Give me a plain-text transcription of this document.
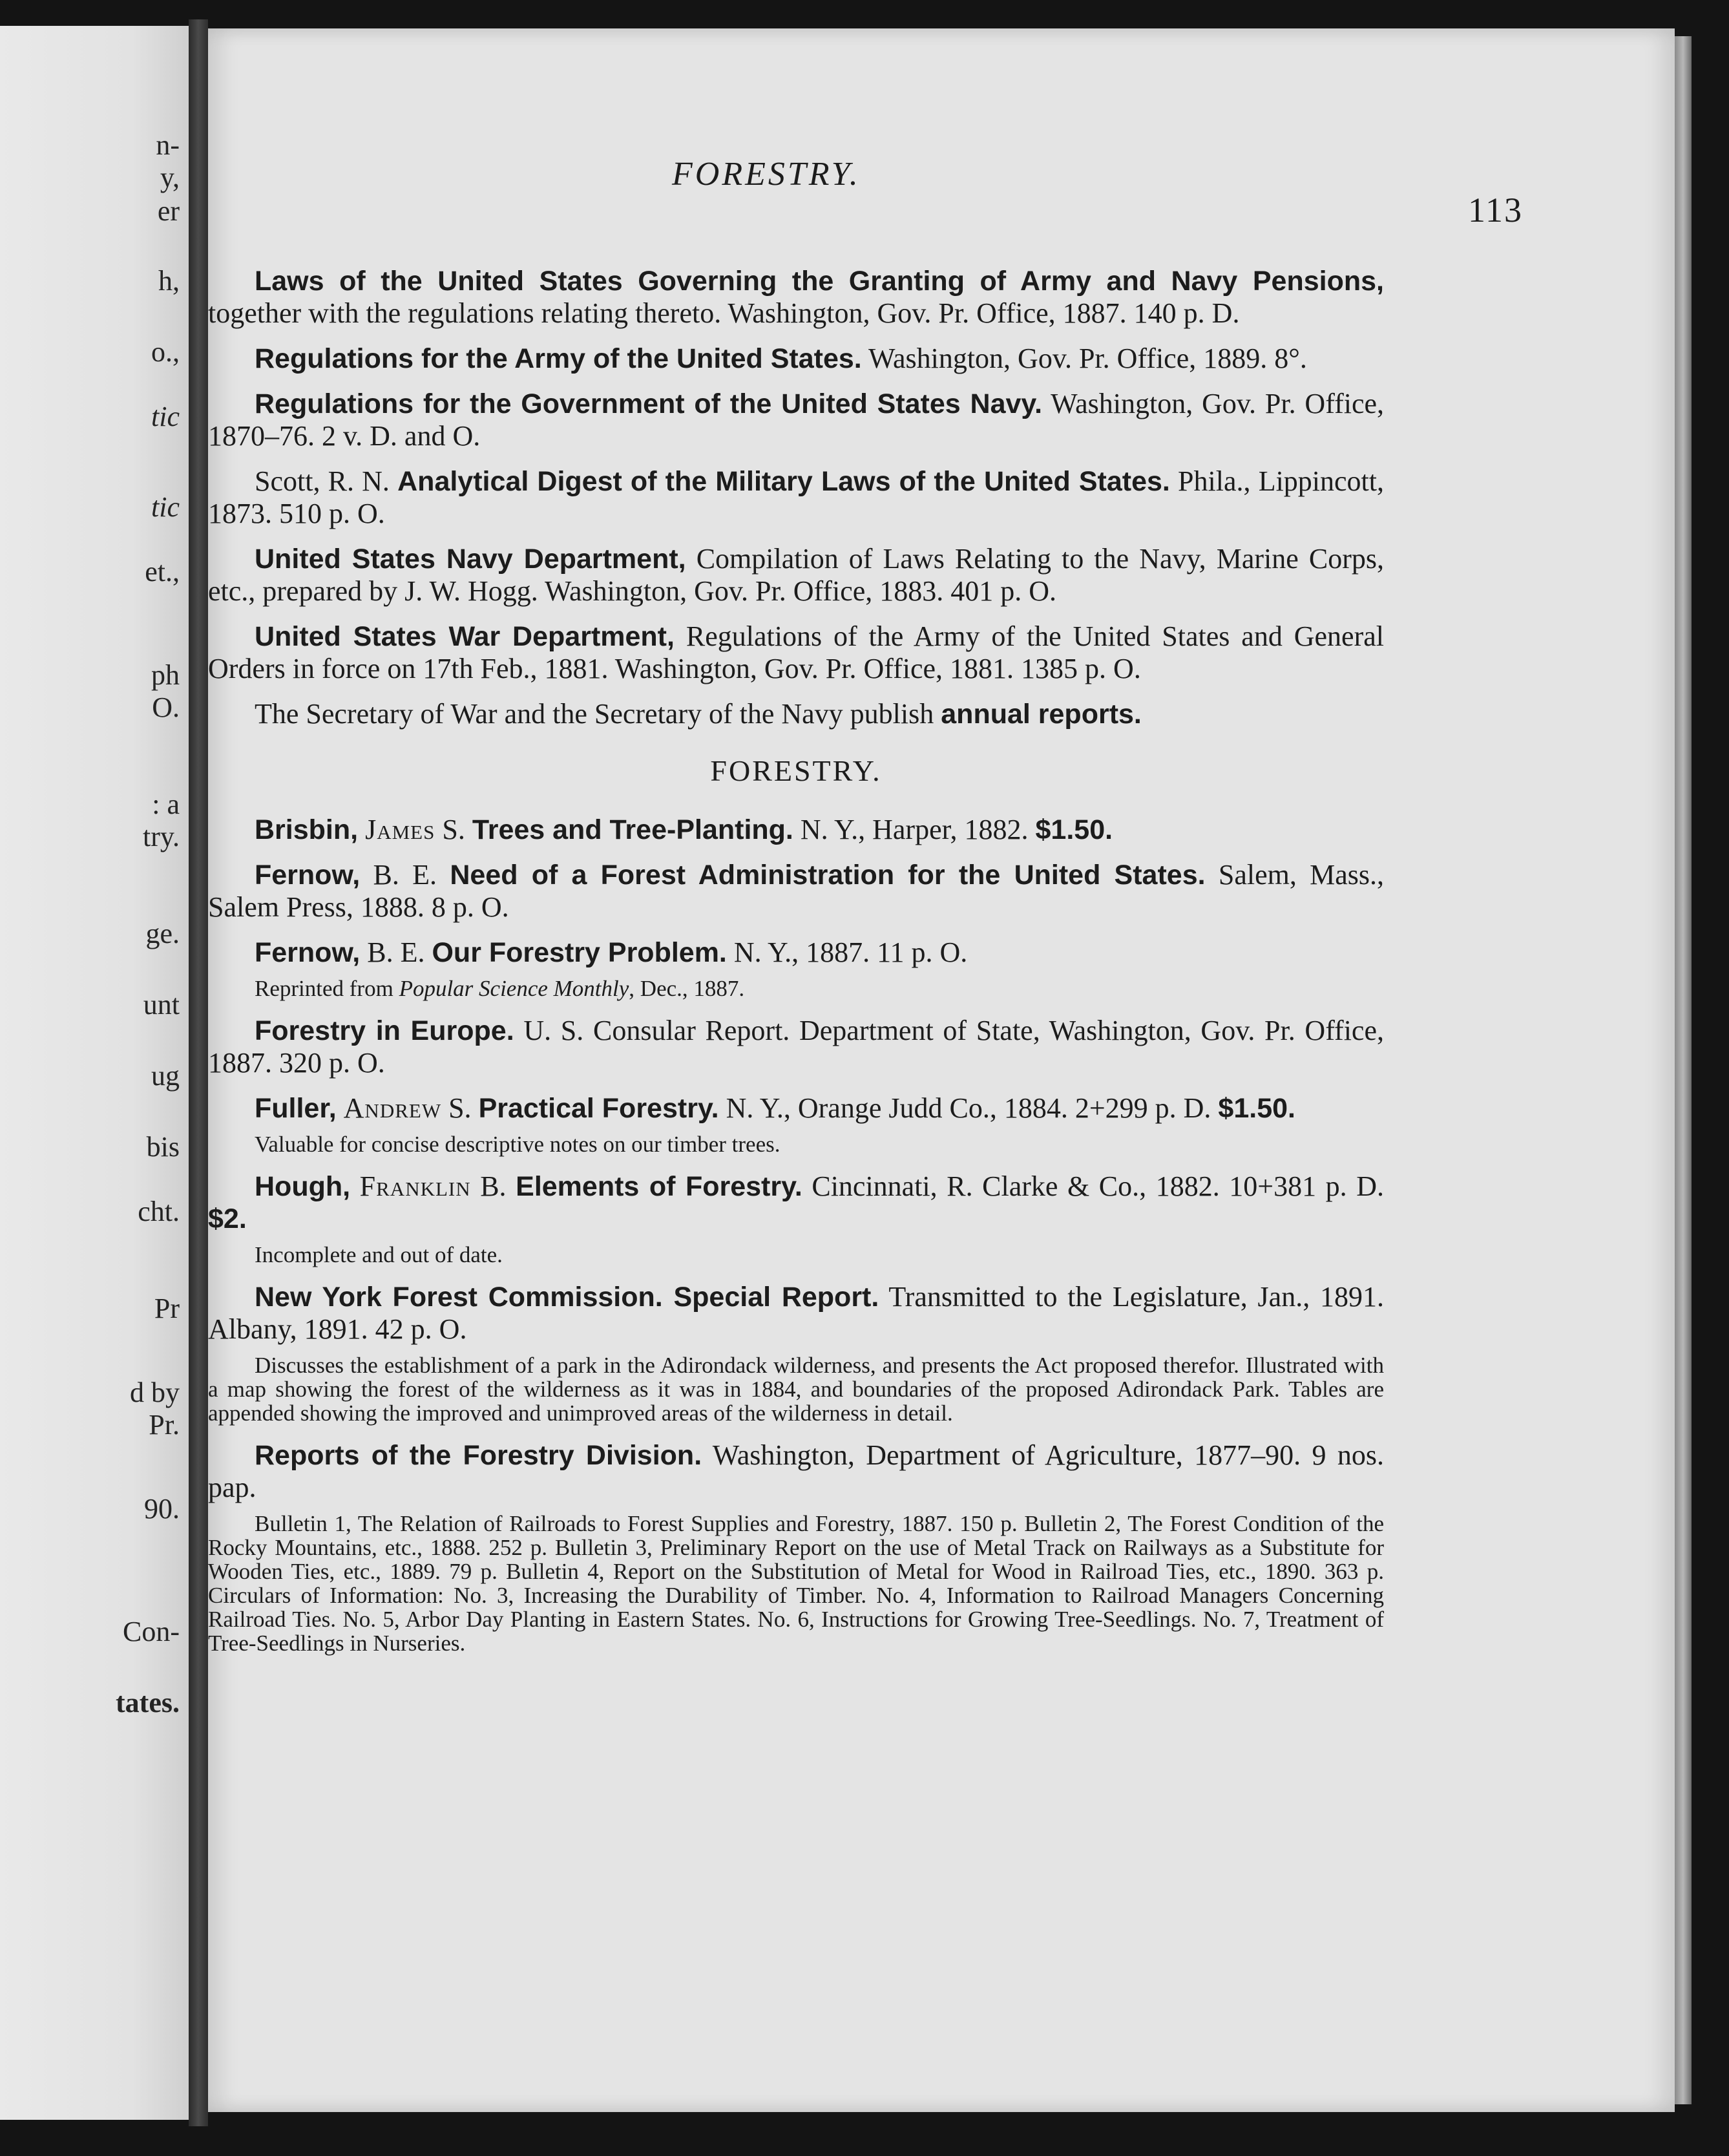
n-
y,
er
h,
o.,
tic
tic
et.,
ph
O.
: a
try.
ge.
unt
ug
bis
cht.
Pr
d by
Pr.
90.
Con-
tates.
FORESTRY.
113

Laws of the United States Governing the Granting of Army and Navy Pensions, together with the regulations relating thereto. Washington, Gov. Pr. Office, 1887. 140 p. D.

Regulations for the Army of the United States. Washington, Gov. Pr. Office, 1889. 8°.

Regulations for the Government of the United States Navy. Washington, Gov. Pr. Office, 1870–76. 2 v. D. and O.

Scott, R. N. Analytical Digest of the Military Laws of the United States. Phila., Lippincott, 1873. 510 p. O.

United States Navy Department, Compilation of Laws Relating to the Navy, Marine Corps, etc., prepared by J. W. Hogg. Washington, Gov. Pr. Office, 1883. 401 p. O.

United States War Department, Regulations of the Army of the United States and General Orders in force on 17th Feb., 1881. Washington, Gov. Pr. Office, 1881. 1385 p. O.

The Secretary of War and the Secretary of the Navy publish annual reports.

FORESTRY.

Brisbin, James S. Trees and Tree-Planting. N. Y., Harper, 1882. $1.50.

Fernow, B. E. Need of a Forest Administration for the United States. Salem, Mass., Salem Press, 1888. 8 p. O.

Fernow, B. E. Our Forestry Problem. N. Y., 1887. 11 p. O.

Reprinted from Popular Science Monthly, Dec., 1887.

Forestry in Europe. U. S. Consular Report. Department of State, Washington, Gov. Pr. Office, 1887. 320 p. O.

Fuller, Andrew S. Practical Forestry. N. Y., Orange Judd Co., 1884. 2+299 p. D. $1.50.

Valuable for concise descriptive notes on our timber trees.

Hough, Franklin B. Elements of Forestry. Cincinnati, R. Clarke & Co., 1882. 10+381 p. D. $2.

Incomplete and out of date.

New York Forest Commission. Special Report. Transmitted to the Legislature, Jan., 1891. Albany, 1891. 42 p. O.

Discusses the establishment of a park in the Adirondack wilderness, and presents the Act proposed therefor. Illustrated with a map showing the forest of the wilderness as it was in 1884, and boundaries of the proposed Adirondack Park. Tables are appended showing the improved and unimproved areas of the wilderness in detail.

Reports of the Forestry Division. Washington, Department of Agriculture, 1877–90. 9 nos. pap.

Bulletin 1, The Relation of Railroads to Forest Supplies and Forestry, 1887. 150 p. Bulletin 2, The Forest Condition of the Rocky Mountains, etc., 1888. 252 p. Bulletin 3, Preliminary Report on the use of Metal Track on Railways as a Substitute for Wooden Ties, etc., 1889. 79 p. Bulletin 4, Report on the Substitution of Metal for Wood in Railroad Ties, etc., 1890. 363 p. Circulars of Information: No. 3, Increasing the Durability of Timber. No. 4, Information to Railroad Managers Concerning Railroad Ties. No. 5, Arbor Day Planting in Eastern States. No. 6, Instructions for Growing Tree-Seedlings. No. 7, Treatment of Tree-Seedlings in Nurseries.
